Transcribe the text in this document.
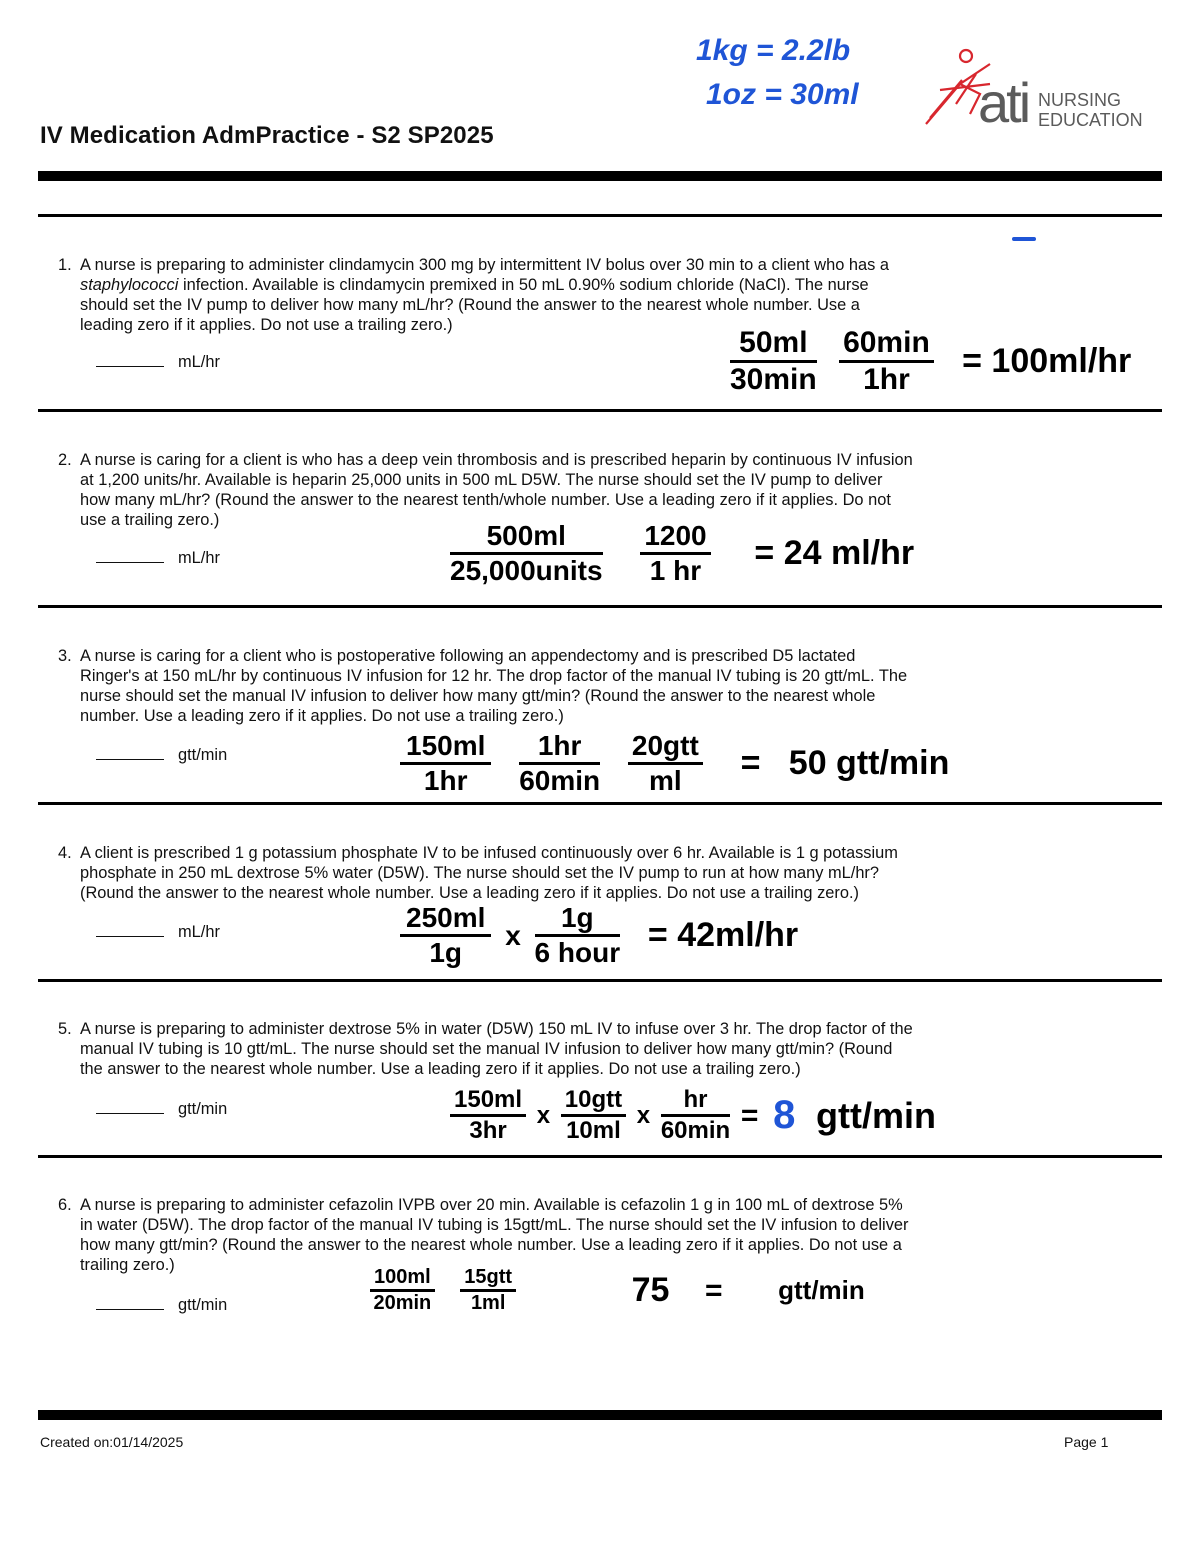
IV Medication AdmPractice - S2 SP2025
1kg = 2.2lb
1oz = 30ml ati NURSING
EDUCATION
1. A nurse is preparing to administer clindamycin 300 mg by intermittent IV bolus over 30 min to a client who has a
staphylococci infection. Available is clindamycin premixed in 50 mL 0.90% sodium chloride (NaCl). The nurse
should set the IV pump to deliver how many mL/hr? (Round the answer to the nearest whole number. Use a
leading zero if it applies. Do not use a trailing zero.)
mL/hr
50ml
30min

60min
1hr	= 100ml/hr
2. A nurse is caring for a client is who has a deep vein thrombosis and is prescribed heparin by continuous IV infusion
at 1,200 units/hr. Available is heparin 25,000 units in 500 mL D5W. The nurse should set the IV pump to deliver
how many mL/hr? (Round the answer to the nearest tenth/whole number. Use a leading zero if it applies. Do not
use a trailing zero.)
mL/hr
500ml
25,000units
$\frac{1200}{1 hr} = 24$ ml/hr
3. A nurse is caring for a client who is postoperative following an appendectomy and is prescribed D5 lactated
Ringer's at 150 mL/hr by continuous IV infusion for 12 hr. The drop factor of the manual IV tubing is 20 gtt/mL. The
nurse should set the manual IV infusion to deliver how many gtt/min? (Round the answer to the nearest whole
number. Use a leading zero if it applies. Do not use a trailing zero.)
gtt/min	$\frac{150ml}{1hr}$
	1hr
60min

20gtt
ml	=   50 gtt/min
4. A client is prescribed 1 g potassium phosphate IV to be infused continuously over 6 hr. Available is 1 g potassium
phosphate in 250 mL dextrose 5% water (D5W). The nurse should set the IV pump to run at how many mL/hr?
(Round the answer to the nearest whole number. Use a leading zero if it applies. Do not use a trailing zero.)
mL/hr	$\frac{250ml}{1g}$ x
1g
6 hour = 42ml/hr
5. A nurse is preparing to administer dextrose 5% in water (D5W) 150 mL IV to infuse over 3 hr. The drop factor of the
manual IV tubing is 10 gtt/mL. The nurse should set the manual IV infusion to deliver how many gtt/min? (Round
the answer to the nearest whole number. Use a leading zero if it applies. Do not use a trailing zero.)
gtt/min	$\frac{150ml}{3hr}$ x
10gtt
10ml
x
hr
60min = 8 gtt/min
6. A nurse is preparing to administer cefazolin IVPB over 20 min. Available is cefazolin 1 g in 100 mL of dextrose 5%
in water (D5W). The drop factor of the manual IV tubing is 15gtt/mL. The nurse should set the IV infusion to deliver
how many gtt/min? (Round the answer to the nearest whole number. Use a leading zero if it applies. Do not use a
trailing zero.)
gtt/min
100ml
20min

15gtt
1ml	75 = gtt/min
Created on:01/14/2025	Page 1
